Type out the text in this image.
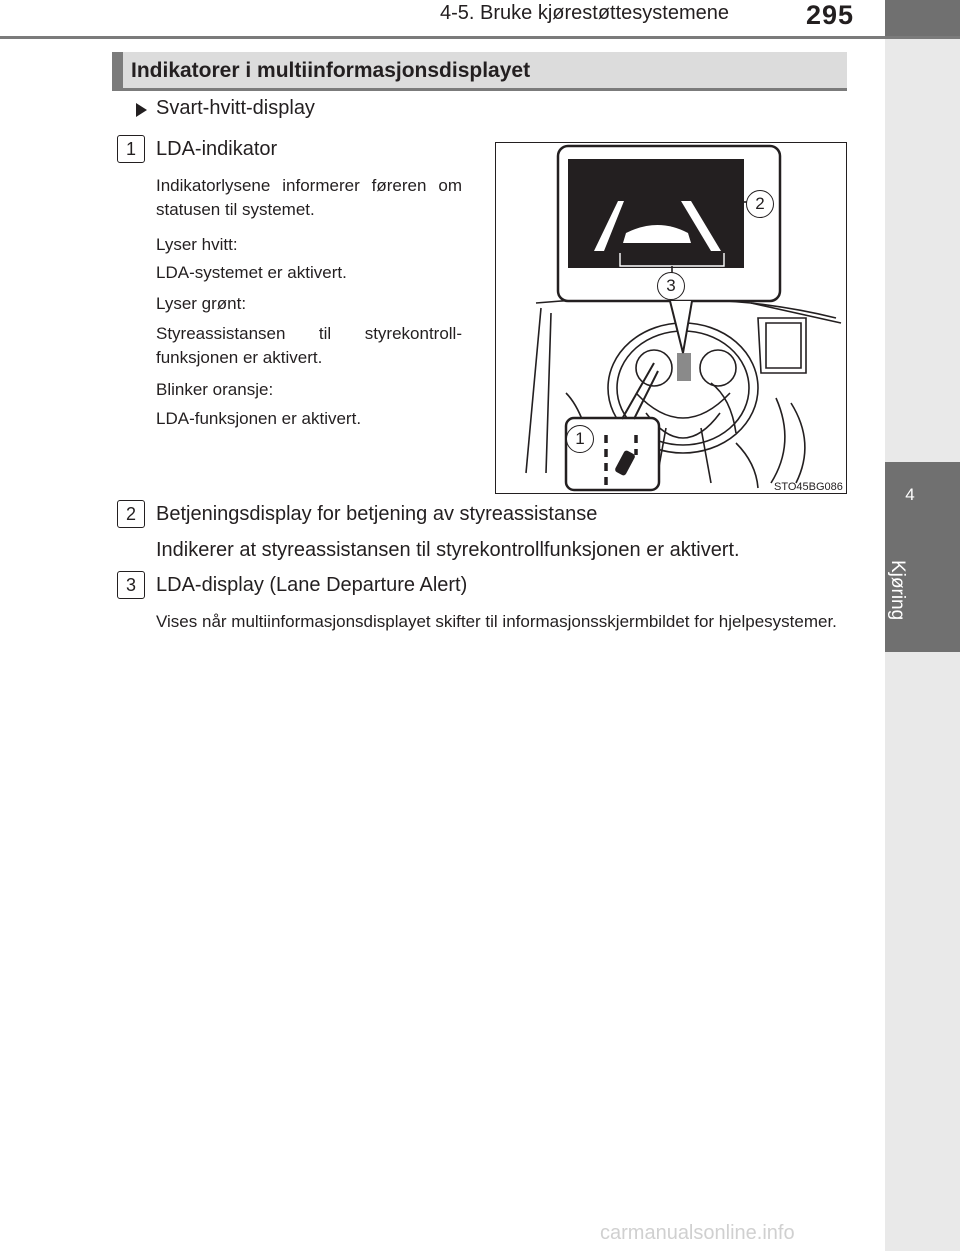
4-5. Bruke kjørestøttesystemene	295
4
Kjøring
Indikatorer i multiinformasjonsdisplayet
Svart-hvitt-display
1	LDA-indikator
Indikatorlysene informerer føreren om statusen til systemet.
Lyser hvitt:
LDA-systemet er aktivert.
Lyser grønt:
Styreassistansen til styrekontroll-funksjonen er aktivert.
Blinker oransje:
LDA-funksjonen er aktivert.
1
2
3
STO45BG086
2	Betjeningsdisplay for betjening av styreassistanse
Indikerer at styreassistansen til styrekontrollfunksjonen er aktivert.
3	LDA-display (Lane Departure Alert)
Vises når multiinformasjonsdisplayet skifter til informasjonsskjermbildet for hjelpesystemer.
carmanualsonline.info
